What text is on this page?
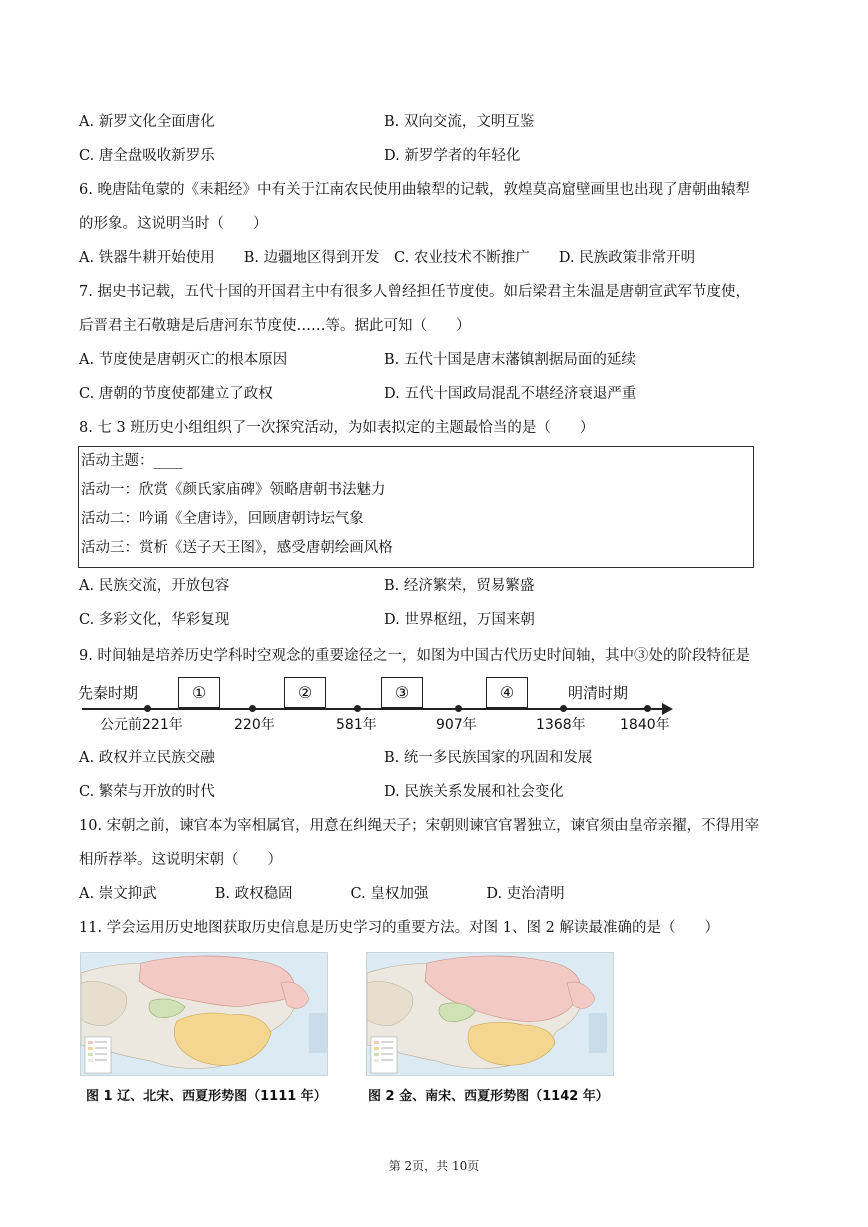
A. 新罗文化全面唐化	B. 双向交流，文明互鉴
C. 唐全盘吸收新罗乐	D. 新罗学者的年轻化
6. 晚唐陆龟蒙的《耒耜经》中有关于江南农民使用曲辕犁的记载，敦煌莫高窟壁画里也出现了唐朝曲辕犁
的形象。这说明当时（　　）
A. 铁器牛耕开始使用　　B. 边疆地区得到开发　C. 农业技术不断推广　　D. 民族政策非常开明
7. 据史书记载，五代十国的开国君主中有很多人曾经担任节度使。如后梁君主朱温是唐朝宣武军节度使，
后晋君主石敬瑭是后唐河东节度使……等。据此可知（　　）
A. 节度使是唐朝灭亡的根本原因	B. 五代十国是唐末藩镇割据局面的延续
C. 唐朝的节度使都建立了政权	D. 五代十国政局混乱不堪经济衰退严重
8. 七 3 班历史小组组织了一次探究活动，为如表拟定的主题最恰当的是（　　）
活动主题：____
活动一：欣赏《颜氏家庙碑》领略唐朝书法魅力
活动二：吟诵《全唐诗》，回顾唐朝诗坛气象
活动三：赏析《送子天王图》，感受唐朝绘画风格
A. 民族交流，开放包容	B. 经济繁荣，贸易繁盛
C. 多彩文化，华彩复现	D. 世界枢纽，万国来朝
9. 时间轴是培养历史学科时空观念的重要途径之一，如图为中国古代历史时间轴，其中③处的阶段特征是
先秦时期	明清时期
①	②	③	④
公元前221年	220年	581年	907年	1368年 1840年
A. 政权并立民族交融	B. 统一多民族国家的巩固和发展
C. 繁荣与开放的时代	D. 民族关系发展和社会变化
10. 宋朝之前，谏官本为宰相属官，用意在纠绳天子；宋朝则谏官官署独立，谏官须由皇帝亲擢，不得用宰
相所荐举。这说明宋朝（　　）
A. 崇文抑武　　　　B. 政权稳固　　　　C. 皇权加强　　　　D. 吏治清明
11. 学会运用历史地图获取历史信息是历史学习的重要方法。对图 1、图 2 解读最准确的是（　　）
图 1 辽、北宋、西夏形势图（1111 年）	图 2 金、南宋、西夏形势图（1142 年）
第 2页，共 10页
